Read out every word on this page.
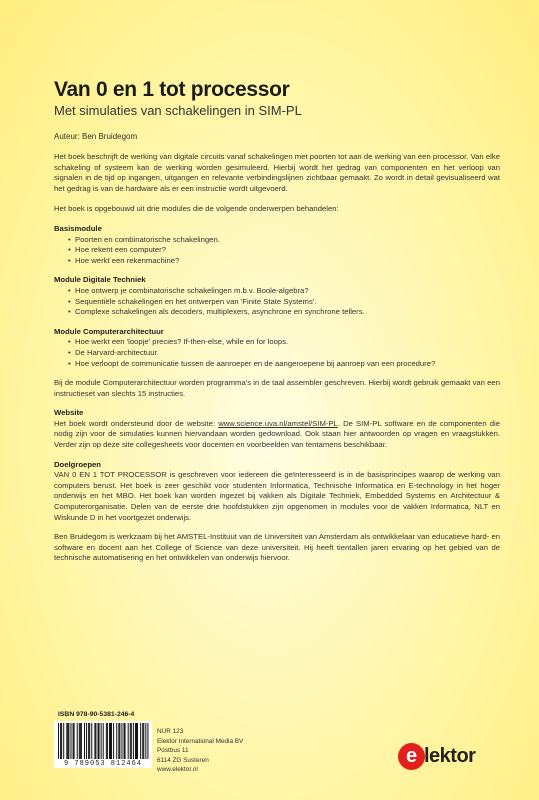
Van 0 en 1 tot processor
Met simulaties van schakelingen in SIM-PL
Auteur: Ben Bruidegom

Het boek beschrijft de werking van digitale circuits vanaf schakelingen met poorten tot aan de werking van een processor. Van elke schakeling of systeem kan de werking worden gesimuleerd. Hierbij wordt het gedrag van componenten en het verloop van signalen in de tijd op ingangen, uitgangen en relevante verbindingslijnen zichtbaar gemaakt. Zo wordt in detail gevisualiseerd wat het gedrag is van de hardware als er een instructie wordt uitgevoerd.

Het boek is opgebouwd uit drie modules die de volgende onderwerpen behandelen:

Basismodule
• Poorten en combinatorische schakelingen.
• Hoe rekent een computer?
• Hoe werkt een rekenmachine?
Module Digitale Techniek
• Hoe ontwerp je combinatorische schakelingen m.b.v. Boole-algebra?
• Sequentiële schakelingen en het ontwerpen van 'Finite State Systems'.
• Complexe schakelingen als decoders, multiplexers, asynchrone en synchrone tellers.
Module Computerarchitectuur
• Hoe werkt een 'loopje' precies? If-then-else, while en for loops.
• De Harvard-architectuur.
• Hoe verloopt de communicatie tussen de aanroeper en de aangeroepene bij aanroep van een procedure?

Bij de module Computerarchitectuur worden programma's in de taal assembler geschreven. Hierbij wordt gebruik gemaakt van een instructieset van slechts 15 instructies.

Website

Het boek wordt ondersteund door de website: www.science.uva.nl/amstel/SIM-PL. De SIM-PL software en de componenten die nodig zijn voor de simulaties kunnen hiervandaan worden gedownload. Ook staan hier antwoorden op vragen en vraagstukken. Verder zijn op deze site collegesheets voor docenten en voorbeelden van tentamens beschikbaar.

Doelgroepen

VAN 0 EN 1 TOT PROCESSOR is geschreven voor iedereen die geïnteresseerd is in de basisprincipes waarop de werking van computers berust. Het boek is zeer geschikt voor studenten Informatica, Technische Informatica en E-technology in het hoger onderwijs en het MBO. Het boek kan worden ingezet bij vakken als Digitale Techniek, Embedded Systems en Architectuur & Computerorganisatie. Delen van de eerste drie hoofdstukken zijn opgenomen in modules voor de vakken Informatica, NLT en Wiskunde D in het voortgezet onderwijs.

Ben Bruidegom is werkzaam bij het AMSTEL-Instituut van de Universiteit van Amsterdam als ontwikkelaar van educatieve hard- en software en docent aan het College of Science van deze universiteit. Hij heeft tientallen jaren ervaring op het gebied van de technische automatisering en het ontwikkelen van onderwijs hiervoor.

ISBN 978-90-5381-246-4
9 789053 812464
NUR 123
Elektor International Media BV
Postbus 11
6114 ZG Susteren
www.elektor.nl
e lektor
